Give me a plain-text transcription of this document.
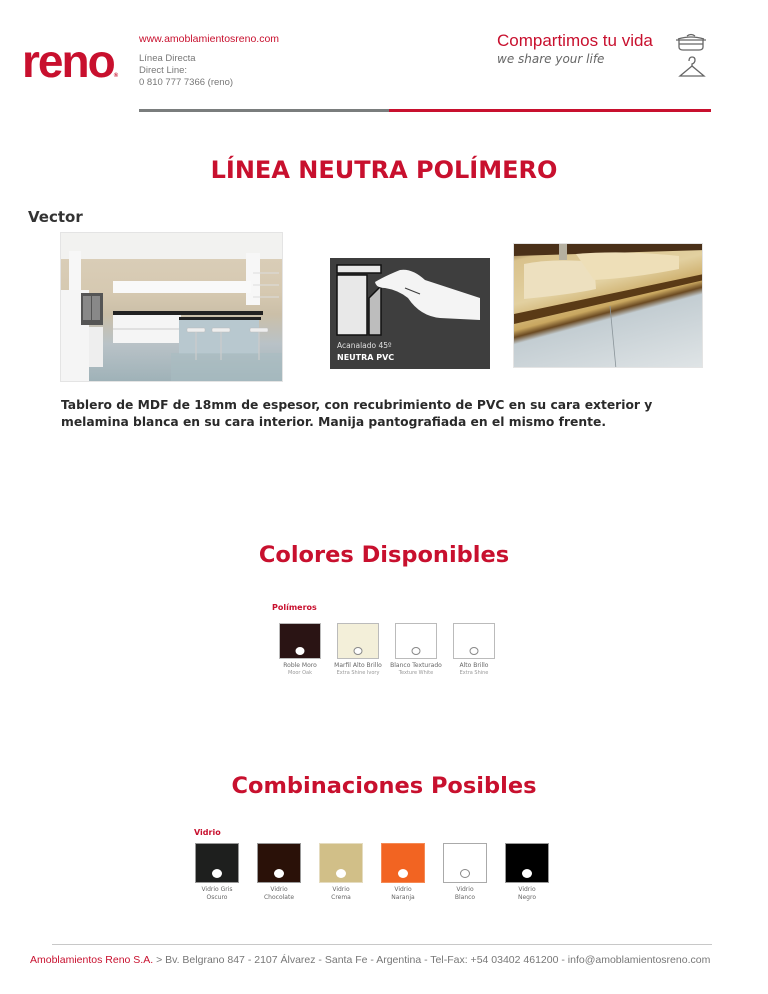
reno®
www.amoblamientosreno.com
Línea Directa
Direct Line:
0 810 777 7366 (reno)
Compartimos tu vida
we share your life
LÍNEA NEUTRA POLÍMERO
Vector
Acanalado 45º
NEUTRA PVC
Tablero de MDF de 18mm de espesor, con recubrimiento de PVC en su cara exterior y melamina blanca en su cara interior. Manija pantografiada en el mismo frente.
Colores Disponibles
Polímeros
Roble Moro
Moor Oak
Marfil Alto Brillo
Extra Shine Ivory
Blanco Texturado
Texture White
Alto Brillo
Extra Shine
Combinaciones Posibles
Vidrio
Vidrio Gris
Oscuro
Vidrio
Chocolate
Vidrio
Crema
Vidrio
Naranja
Vidrio
Blanco
Vidrio
Negro
Amoblamientos Reno S.A. > Bv. Belgrano 847 - 2107 Álvarez - Santa Fe - Argentina - Tel-Fax: +54 03402 461200 - info@amoblamientosreno.com
